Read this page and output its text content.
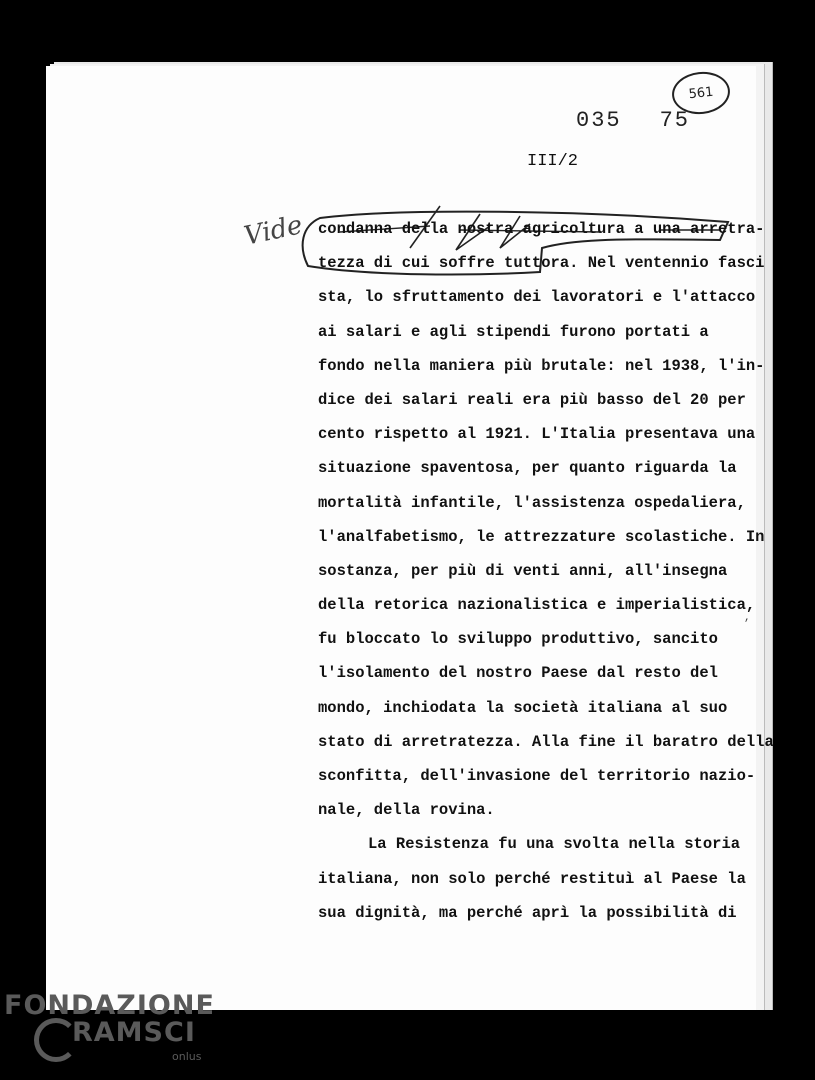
561
035 75
III/2
Vide condanna della nostra agricoltura a una arretra-
tezza di cui soffre tuttora. Nel ventennio fasci
sta, lo sfruttamento dei lavoratori e l'attacco
ai salari e agli stipendi furono portati a
fondo nella maniera più brutale: nel 1938, l'in-
dice dei salari reali era più basso del 20 per
cento rispetto al 1921. L'Italia presentava una
situazione spaventosa, per quanto riguarda la
mortalità infantile, l'assistenza ospedaliera,
l'analfabetismo, le attrezzature scolastiche. In
sostanza, per più di venti anni, all'insegna
della retorica nazionalistica e imperialistica,
fu bloccato lo sviluppo produttivo, sancito
l'isolamento del nostro Paese dal resto del
mondo, inchiodata la società italiana al suo
stato di arretratezza. Alla fine il baratro della
sconfitta, dell'invasione del territorio nazio-
nale, della rovina.
La Resistenza fu una svolta nella storia
italiana, non solo perché restituì al Paese la
sua dignità, ma perché aprì la possibilità di
,
FONDAZIONE
RAMSCI
onlus
